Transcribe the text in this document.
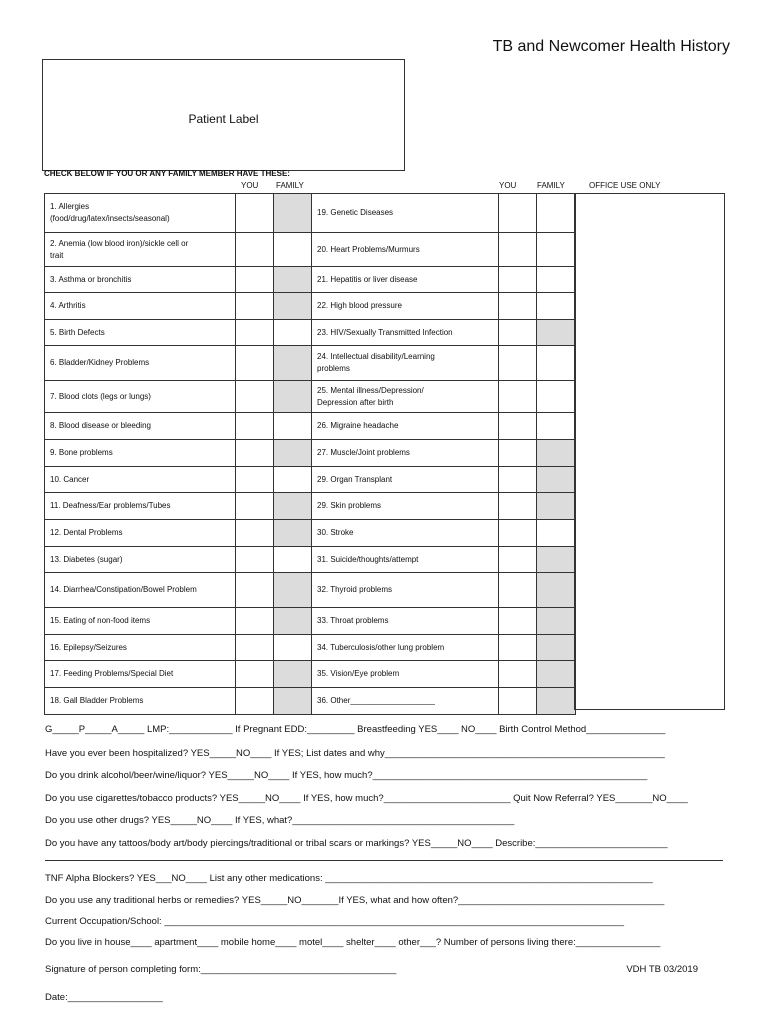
TB and Newcomer Health History
Patient Label
CHECK BELOW IF YOU OR ANY FAMILY MEMBER HAVE THESE:
YOU FAMILY	YOU	FAMILY	OFFICE USE ONLY
1. Allergies
(food/drug/latex/insects/seasonal)			19. Genetic Diseases		
2. Anemia (low blood iron)/sickle cell or
trait			20. Heart Problems/Murmurs		
3. Asthma or bronchitis			21. Hepatitis or liver disease		
4. Arthritis			22. High blood pressure		
5. Birth Defects			23. HIV/Sexually Transmitted Infection		
6. Bladder/Kidney Problems			24. Intellectual disability/Learning
problems		
7. Blood clots (legs or lungs)			25. Mental illness/Depression/
Depression after birth		
8. Blood disease or bleeding			26. Migraine headache		
9. Bone problems			27. Muscle/Joint problems		
10. Cancer			29. Organ Transplant		
11. Deafness/Ear problems/Tubes			29. Skin problems		
12. Dental Problems			30. Stroke		
13. Diabetes (sugar)			31. Suicide/thoughts/attempt		
14. Diarrhea/Constipation/Bowel Problem			32. Thyroid problems		
15. Eating of non-food items			33. Throat problems		
16. Epilepsy/Seizures			34. Tuberculosis/other lung problem		
17. Feeding Problems/Special Diet			35. Vision/Eye problem		
18. Gall Bladder Problems			36. Other___________________		
G_____P_____A_____ LMP:____________ If Pregnant EDD:_________ Breastfeeding YES____ NO____ Birth Control Method_______________
Have you ever been hospitalized? YES_____NO____ If YES; List dates and why_____________________________________________________
Do you drink alcohol/beer/wine/liquor? YES_____NO____ If YES, how much?____________________________________________________
Do you use cigarettes/tobacco products? YES_____NO____ If YES, how much?________________________ Quit Now Referral? YES_______NO____
Do you use other drugs? YES_____NO____ If YES, what?__________________________________________
Do you have any tattoos/body art/body piercings/traditional or tribal scars or markings? YES_____NO____ Describe:_________________________
TNF Alpha Blockers? YES___NO____ List any other medications: ______________________________________________________________
Do you use any traditional herbs or remedies? YES_____NO_______If YES, what and how often?_______________________________________
Current Occupation/School: _______________________________________________________________________________________
Do you live in house____ apartment____ mobile home____ motel____ shelter____ other___? Number of persons living there:________________
Signature of person completing form:_____________________________________	VDH TB 03/2019
Date:__________________
